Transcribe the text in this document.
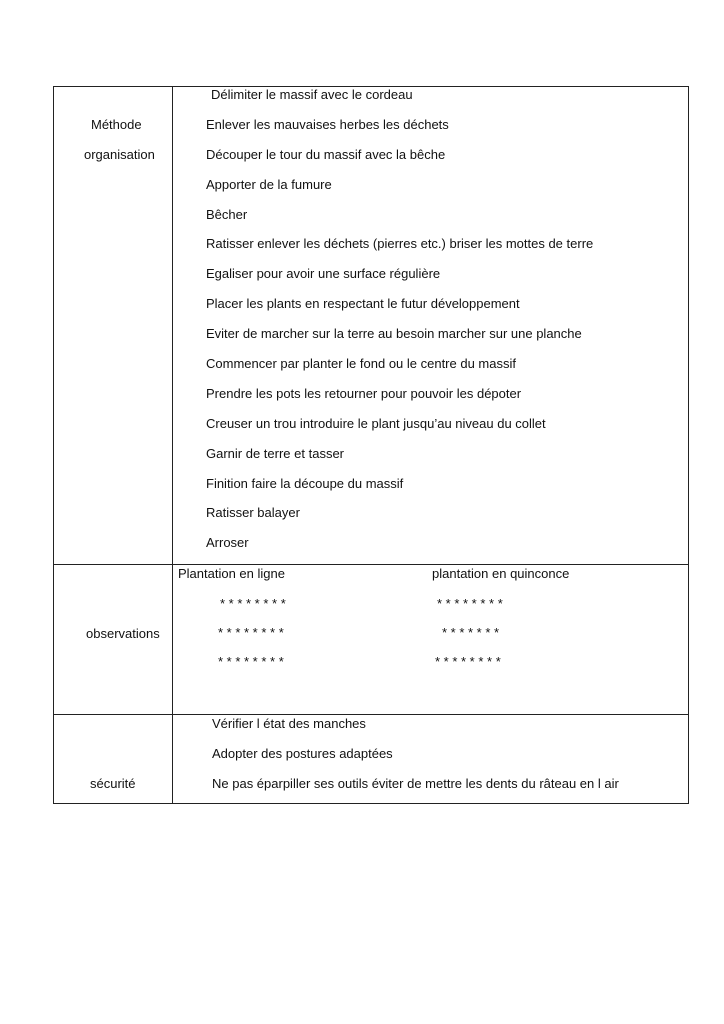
Méthode
organisation
Délimiter le massif avec le cordeau
Enlever les mauvaises herbes les déchets
Découper le tour du massif avec la bêche
Apporter de la fumure
Bêcher
Ratisser enlever les déchets (pierres etc.) briser les mottes de terre
Egaliser pour avoir une surface régulière
Placer les plants en respectant le futur développement
Eviter de marcher sur la terre au besoin marcher sur une planche
Commencer par planter le fond ou le centre du massif
Prendre les pots les retourner pour pouvoir les dépoter
Creuser un trou introduire le plant jusqu’au niveau du collet
Garnir de terre et tasser
Finition faire la découpe du massif
Ratisser balayer
Arroser
observations
Plantation en ligne	plantation en quinconce
* * * * * * * *
* * * * * * * *
* * * * * * * *
* * * * * * * *
* * * * * * *
* * * * * * * *
sécurité
Vérifier l état des manches
Adopter des postures adaptées
Ne pas éparpiller ses outils éviter de mettre les dents du râteau en l air
